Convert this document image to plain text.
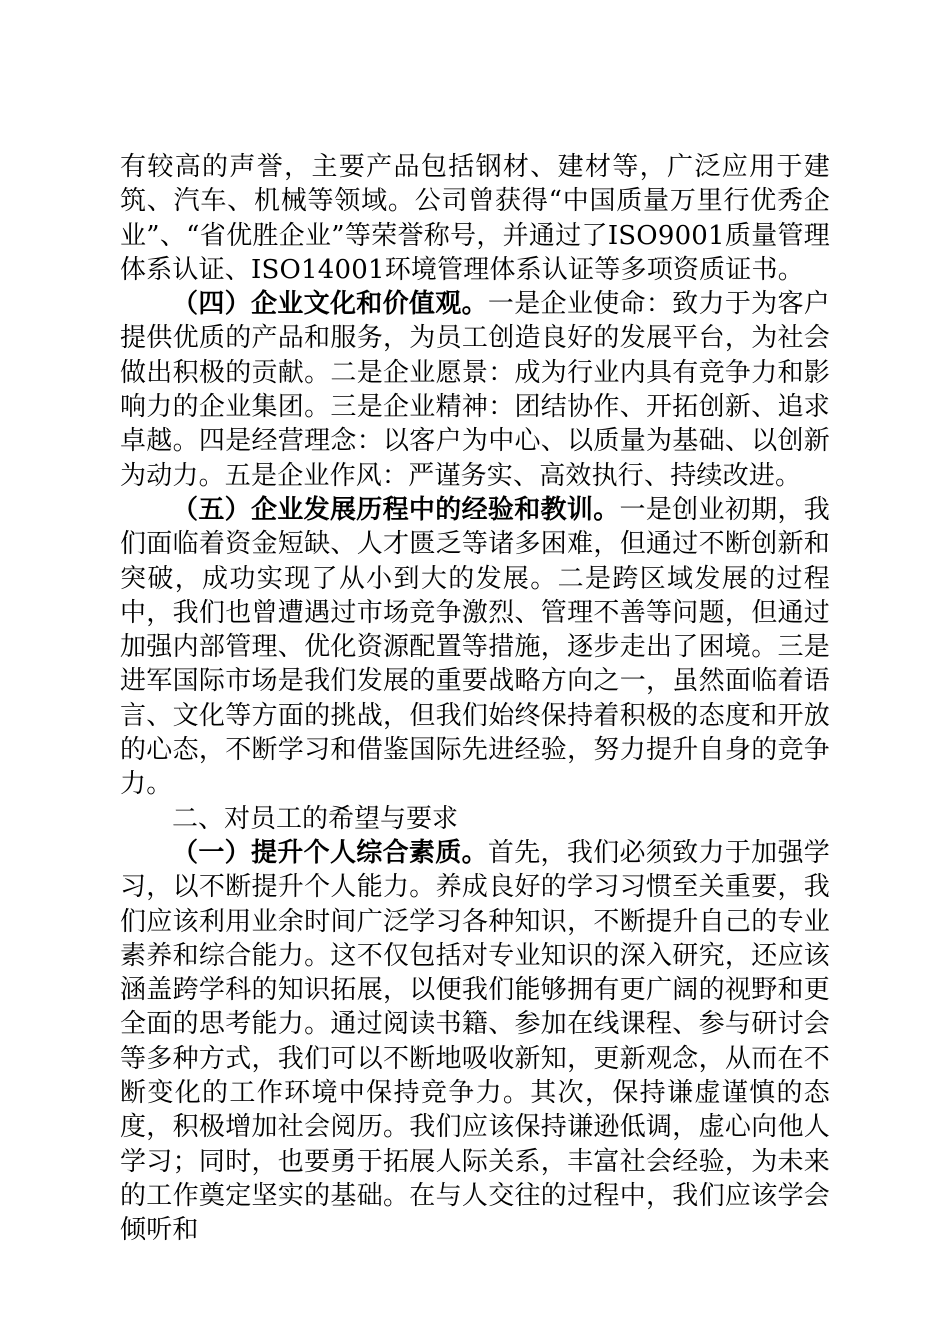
有较高的声誉，主要产品包括钢材、建材等，广泛应用于建筑、汽车、机械等领域。公司曾获得“中国质量万里行优秀企业”、“省优胜企业”等荣誉称号，并通过了ISO9001质量管理体系认证、ISO14001环境管理体系认证等多项资质证书。

（四）企业文化和价值观。一是企业使命：致力于为客户提供优质的产品和服务，为员工创造良好的发展平台，为社会做出积极的贡献。二是企业愿景：成为行业内具有竞争力和影响力的企业集团。三是企业精神：团结协作、开拓创新、追求卓越。四是经营理念：以客户为中心、以质量为基础、以创新为动力。五是企业作风：严谨务实、高效执行、持续改进。

（五）企业发展历程中的经验和教训。一是创业初期，我们面临着资金短缺、人才匮乏等诸多困难，但通过不断创新和突破，成功实现了从小到大的发展。二是跨区域发展的过程中，我们也曾遭遇过市场竞争激烈、管理不善等问题，但通过加强内部管理、优化资源配置等措施，逐步走出了困境。三是进军国际市场是我们发展的重要战略方向之一，虽然面临着语言、文化等方面的挑战，但我们始终保持着积极的态度和开放的心态，不断学习和借鉴国际先进经验，努力提升自身的竞争力。

二、对员工的希望与要求

（一）提升个人综合素质。首先，我们必须致力于加强学习，以不断提升个人能力。养成良好的学习习惯至关重要，我们应该利用业余时间广泛学习各种知识，不断提升自己的专业素养和综合能力。这不仅包括对专业知识的深入研究，还应该涵盖跨学科的知识拓展，以便我们能够拥有更广阔的视野和更全面的思考能力。通过阅读书籍、参加在线课程、参与研讨会等多种方式，我们可以不断地吸收新知，更新观念，从而在不断变化的工作环境中保持竞争力。其次，保持谦虚谨慎的态度，积极增加社会阅历。我们应该保持谦逊低调，虚心向他人学习；同时，也要勇于拓展人际关系，丰富社会经验，为未来的工作奠定坚实的基础。在与人交往的过程中，我们应该学会倾听和
